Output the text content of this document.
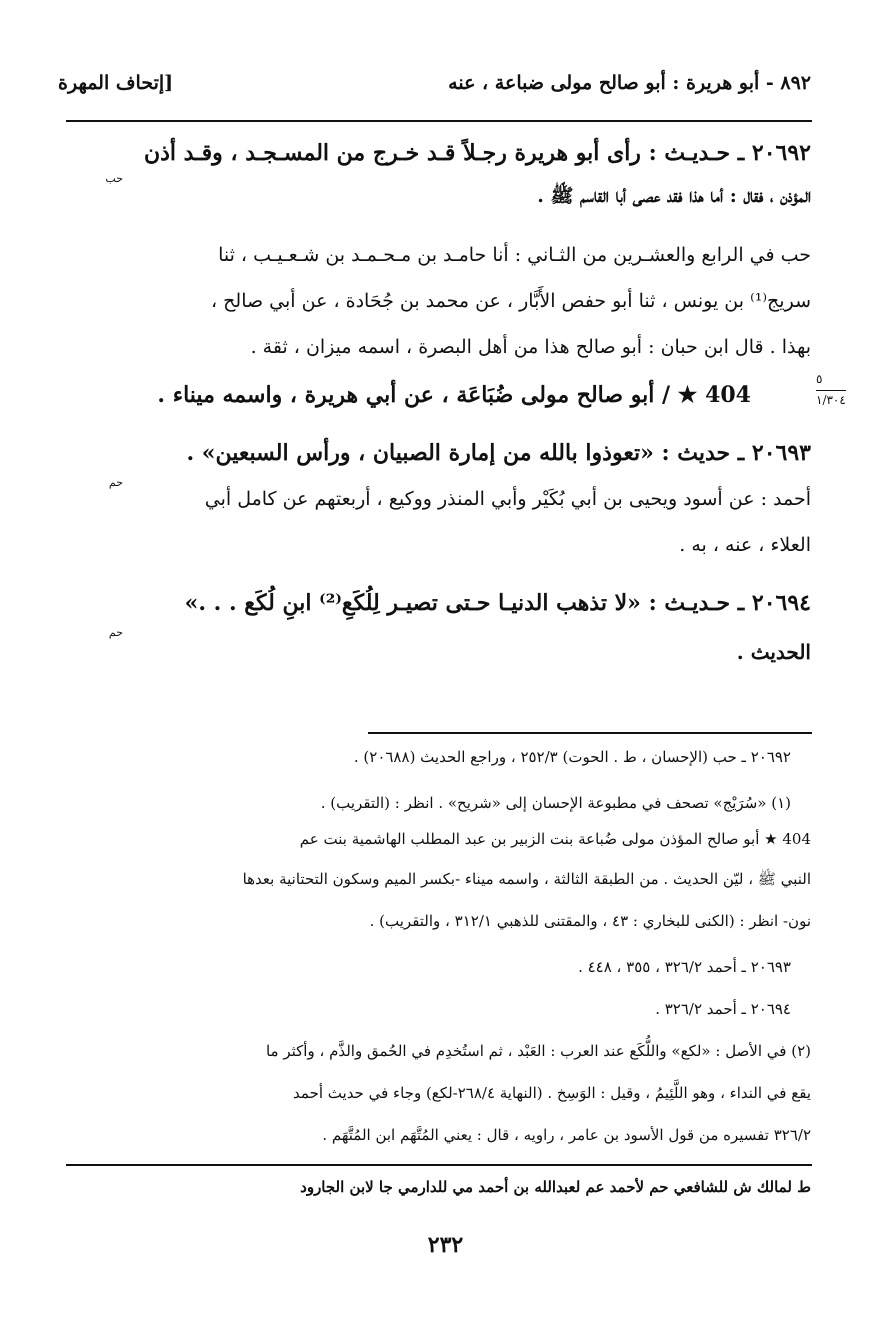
٨٩٢ - أبو هريرة : أبو صالح مولى ضباعة ، عنه
[إتحاف المهرة
٥
١/٣٠٤
٢٠٦٩٢ ـ حـديـث : رأى أبو هريرة رجـلاً قـد خـرج من المسـجـد ، وقـد أذن
حب
المؤذن ، فقال : أما هذا فقد عصى أبا القاسم ﷺ .
حب في الرابع والعشـرين من الثـاني : أنا حامـد بن مـحـمـد بن شـعـيـب ، ثنا
سريج⁽¹⁾ بن يونس ، ثنا أبو حفص الأَبَّار ، عن محمد بن جُحَادة ، عن أبي صالح ،
بهذا . قال ابن حبان : أبو صالح هذا من أهل البصرة ، اسمه ميزان ، ثقة .
404 ★ / أبو صالح مولى ضُبَاعَة ، عن أبي هريرة ، واسمه ميناء .
٢٠٦٩٣ ـ حديث : «تعوذوا بالله من إمارة الصبيان ، ورأس السبعين» .
حم
أحمد : عن أسود ويحيى بن أبي بُكَيْر وأبي المنذر ووكيع ، أربعتهم عن كامل أبي
العلاء ، عنه ، به .
٢٠٦٩٤ ـ حـديـث : «لا تذهب الدنيـا حـتى تصيـر لِلُكَعِ⁽²⁾ ابنِ لُكَع . . .»
حم
الحديث .
٢٠٦٩٢ ـ حب (الإحسان ، ط . الحوت) ٢٥٢/٣ ، وراجع الحديث (٢٠٦٨٨) .
(١) «سُرَيْج» تصحف في مطبوعة الإحسان إلى «شريح» . انظر : (التقريب) .
404 ★ أبو صالح المؤذن مولى ضُباعة بنت الزبير بن عبد المطلب الهاشمية بنت عم
النبي ﷺ ، ليّن الحديث . من الطبقة الثالثة ، واسمه ميناء -بكسر الميم وسكون التحتانية بعدها
نون- انظر : (الكنى للبخاري : ٤٣ ، والمقتنى للذهبي ٣١٢/١ ، والتقريب) .
٢٠٦٩٣ ـ أحمد ٣٢٦/٢ ، ٣٥٥ ، ٤٤٨ .
٢٠٦٩٤ ـ أحمد ٣٢٦/٢ .
(٢) في الأصل : «لكع» واللُّكَع عند العرب : العَبْد ، ثم استُخدِم في الحُمق والذَّم ، وأكثر ما
يقع في النداء ، وهو اللَّئِيمُ ، وقيل : الوَسِخ . (النهاية ٢٦٨/٤-لكع) وجاء في حديث أحمد
٣٢٦/٢ تفسيره من قول الأسود بن عامر ، راويه ، قال : يعني المُتَّهَم ابن المُتَّهَم .
ط لمالك ش للشافعي حم لأحمد عم لعبدالله بن أحمد مي للدارمي جا لابن الجارود
٢٣٢
